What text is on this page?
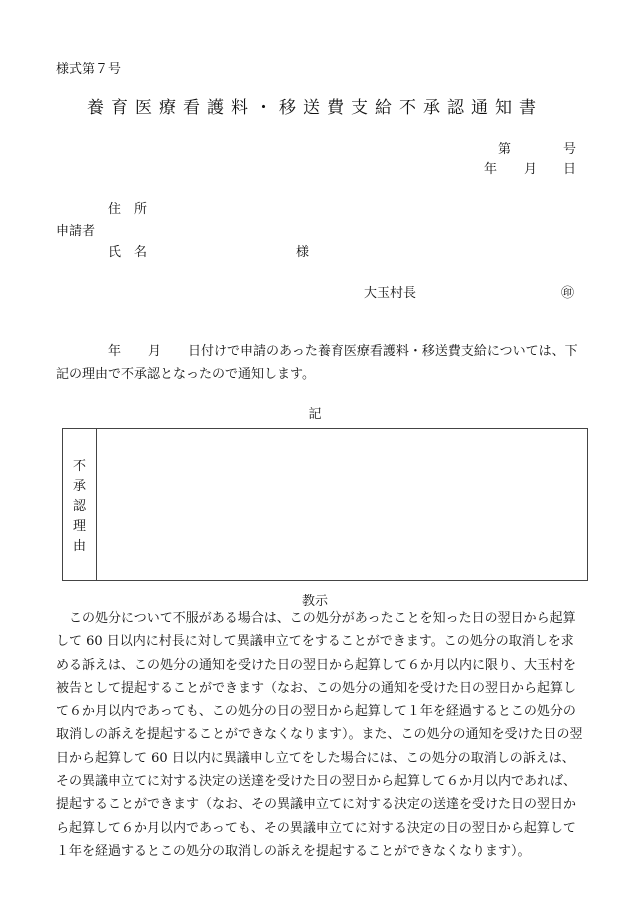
様式第７号
養育医療看護料・移送費支給不承認通知書
第	号
年 月 日
住　所
申請者
氏　名	様
大玉村長	㊞
年 月 日付けで申請のあった養育医療看護料・移送費支給については、下
記の理由で不承認となったので通知します。
記
不
承
認
理
由
教示
この処分について不服がある場合は、この処分があったことを知った日の翌日から起算して 60 日以内に村長に対して異議申立てをすることができます。この処分の取消しを求める訴えは、この処分の通知を受けた日の翌日から起算して６か月以内に限り、大玉村を被告として提起することができます（なお、この処分の通知を受けた日の翌日から起算して６か月以内であっても、この処分の日の翌日から起算して１年を経過するとこの処分の取消しの訴えを提起することができなくなります）。また、この処分の通知を受けた日の翌日から起算して 60 日以内に異議申し立てをした場合には、この処分の取消しの訴えは、その異議申立てに対する決定の送達を受けた日の翌日から起算して６か月以内であれば、提起することができます（なお、その異議申立てに対する決定の送達を受けた日の翌日から起算して６か月以内であっても、その異議申立てに対する決定の日の翌日から起算して１年を経過するとこの処分の取消しの訴えを提起することができなくなります）。
